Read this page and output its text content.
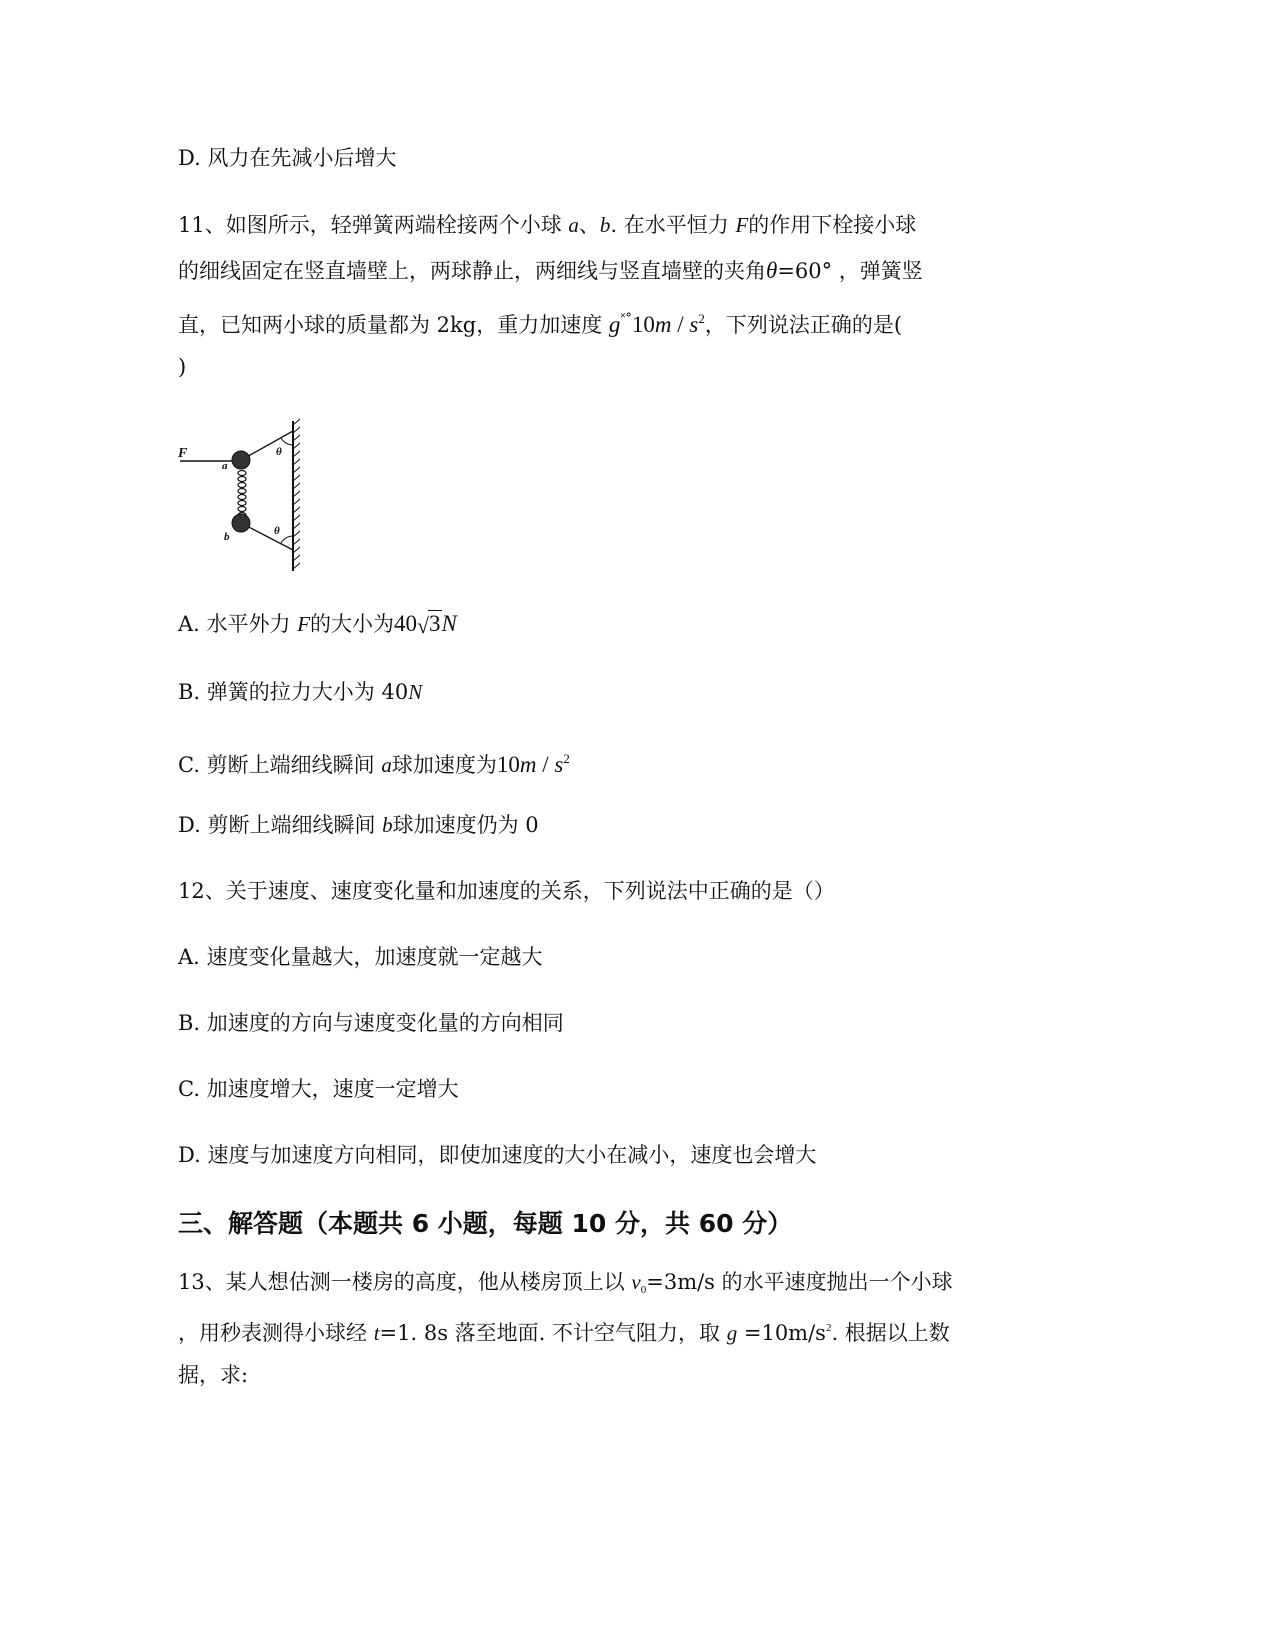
D. 风力在先减小后增大
11、如图所示，轻弹簧两端栓接两个小球 a、b. 在水平恒力 F的作用下栓接小球
的细线固定在竖直墙壁上，两球静止，两细线与竖直墙壁的夹角θ=60° ，弹簧竖
直，已知两小球的质量都为 2kg，重力加速度 $g^{˟^\circ}10m / s^2$，下列说法正确的是(
)
F
a
b
θ
θ
A. 水平外力 F的大小为40 √ 3N
B. 弹簧的拉力大小为 40N
C. 剪断上端细线瞬间 a球加速度为$10m / s^2$
D. 剪断上端细线瞬间 b球加速度仍为 0
12、关于速度、速度变化量和加速度的关系，下列说法中正确的是（）
A. 速度变化量越大，加速度就一定越大
B. 加速度的方向与速度变化量的方向相同
C. 加速度增大，速度一定增大
D. 速度与加速度方向相同，即使加速度的大小在减小，速度也会增大
三、解答题（本题共 6 小题，每题 10 分，共 60 分）
13、某人想估测一楼房的高度，他从楼房顶上以 $v_0=3m/s$ 的水平速度抛出一个小球
，用秒表测得小球经 t=1. 8s 落至地面. 不计空气阻力，取 $g =10m/s^2$. 根据以上数
据，求:
